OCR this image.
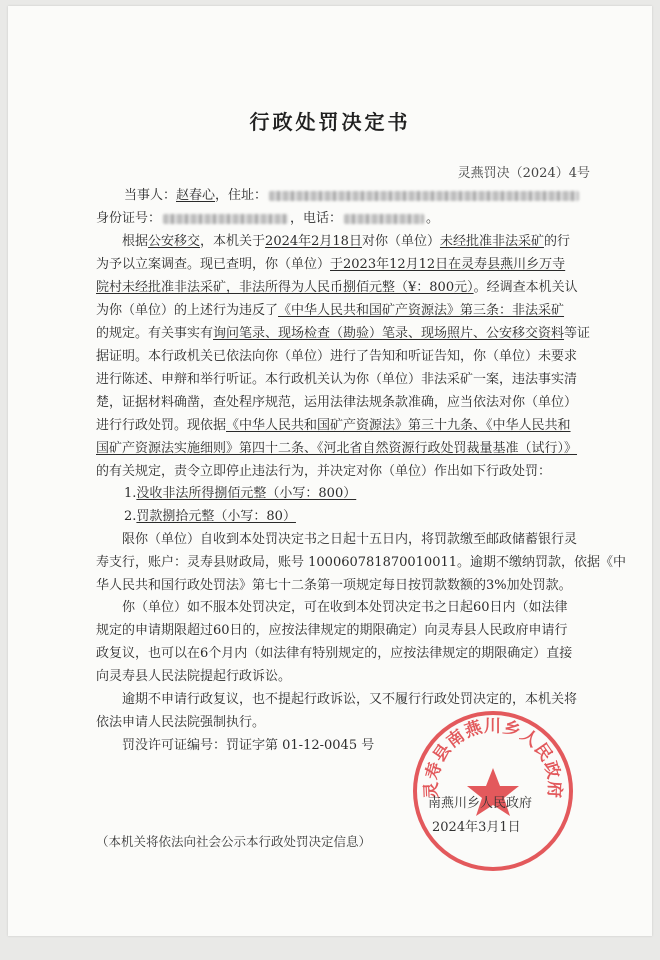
行政处罚决定书
灵燕罚决（2024）4号
当事人：赵春心，住址：
身份证号：	，电话：	。
根据公安移交，本机关于2024年2月18日对你（单位）未经批准非法采矿的行
为予以立案调查。现已查明，你（单位）于2023年12月12日在灵寿县燕川乡万寺
院村未经批准非法采矿，非法所得为人民币捌佰元整（¥：800元）。经调查本机关认
为你（单位）的上述行为违反了《中华人民共和国矿产资源法》第三条：非法采矿
的规定。有关事实有询问笔录、现场检查（勘验）笔录、现场照片、公安移交资料等证
据证明。本行政机关已依法向你（单位）进行了告知和听证告知，你（单位）未要求
进行陈述、申辩和举行听证。本行政机关认为你（单位）非法采矿一案，违法事实清
楚，证据材料确凿，查处程序规范，运用法律法规条款准确，应当依法对你（单位）
进行行政处罚。现依据《中华人民共和国矿产资源法》第三十九条、《中华人民共和
国矿产资源法实施细则》第四十二条、《河北省自然资源行政处罚裁量基准（试行）》
的有关规定，责令立即停止违法行为，并决定对你（单位）作出如下行政处罚：
1.没收非法所得捌佰元整（小写：800）
2.罚款捌拾元整（小写：80）
限你（单位）自收到本处罚决定书之日起十五日内，将罚款缴至邮政储蓄银行灵
寿支行，账户：灵寿县财政局，账号 100060781870010011。逾期不缴纳罚款，依据《中
华人民共和国行政处罚法》第七十二条第一项规定每日按罚款数额的3%加处罚款。
你（单位）如不服本处罚决定，可在收到本处罚决定书之日起60日内（如法律
规定的申请期限超过60日的，应按法律规定的期限确定）向灵寿县人民政府申请行
政复议，也可以在6个月内（如法律有特别规定的，应按法律规定的期限确定）直接
向灵寿县人民法院提起行政诉讼。
逾期不申请行政复议，也不提起行政诉讼，又不履行行政处罚决定的，本机关将
依法申请人民法院强制执行。
罚没许可证编号：罚证字第 01-12-0045 号
灵寿县南燕川乡人民政府
南燕川乡人民政府
2024年3月1日
（本机关将依法向社会公示本行政处罚决定信息）
